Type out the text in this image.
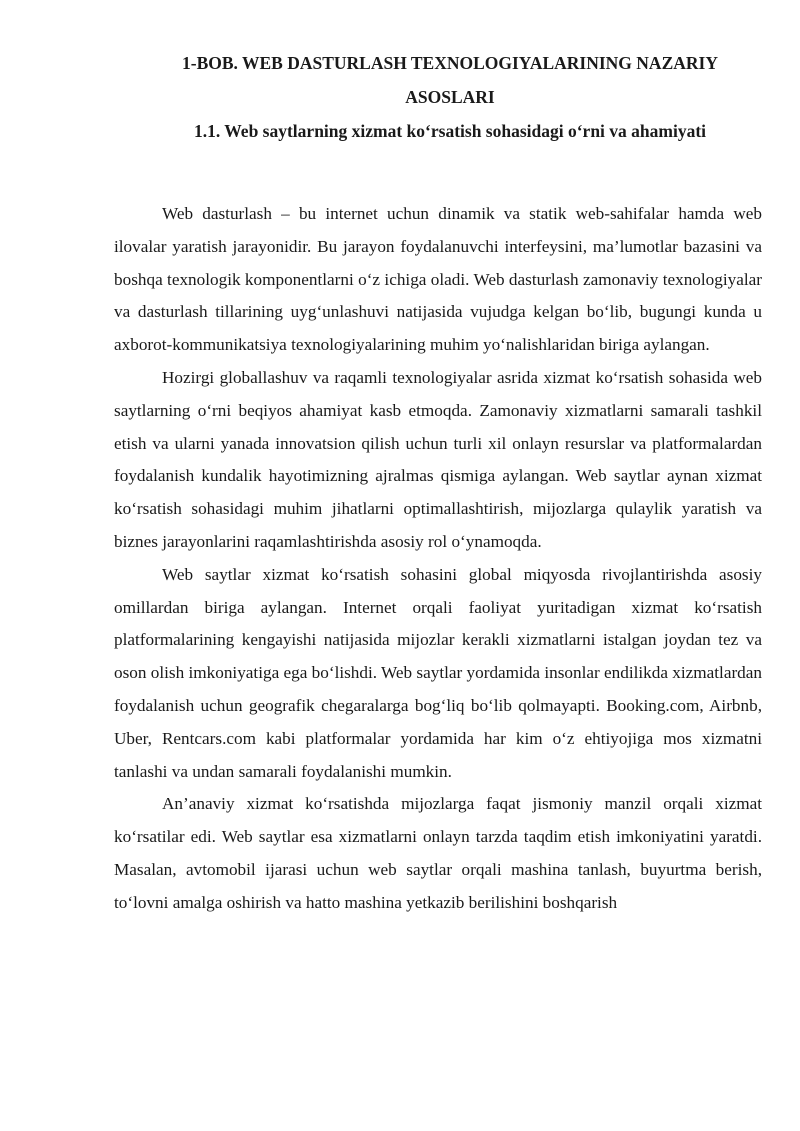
1-BOB. WEB DASTURLASH TEXNOLOGIYALARINING NAZARIY ASOSLARI
1.1. Web saytlarning xizmat ko‘rsatish sohasidagi o‘rni va ahamiyati

Web dasturlash – bu internet uchun dinamik va statik web-sahifalar hamda web ilovalar yaratish jarayonidir. Bu jarayon foydalanuvchi interfeysini, ma’lumotlar bazasini va boshqa texnologik komponentlarni o‘z ichiga oladi. Web dasturlash zamonaviy texnologiyalar va dasturlash tillarining uyg‘unlashuvi natijasida vujudga kelgan bo‘lib, bugungi kunda u axborot-kommunikatsiya texnologiyalarining muhim yo‘nalishlaridan biriga aylangan.

Hozirgi globallashuv va raqamli texnologiyalar asrida xizmat ko‘rsatish sohasida web saytlarning o‘rni beqiyos ahamiyat kasb etmoqda. Zamonaviy xizmatlarni samarali tashkil etish va ularni yanada innovatsion qilish uchun turli xil onlayn resurslar va platformalardan foydalanish kundalik hayotimizning ajralmas qismiga aylangan. Web saytlar aynan xizmat ko‘rsatish sohasidagi muhim jihatlarni optimallashtirish, mijozlarga qulaylik yaratish va biznes jarayonlarini raqamlashtirishda asosiy rol o‘ynamoqda.

Web saytlar xizmat ko‘rsatish sohasini global miqyosda rivojlantirishda asosiy omillardan biriga aylangan. Internet orqali faoliyat yuritadigan xizmat ko‘rsatish platformalarining kengayishi natijasida mijozlar kerakli xizmatlarni istalgan joydan tez va oson olish imkoniyatiga ega bo‘lishdi. Web saytlar yordamida insonlar endilikda xizmatlardan foydalanish uchun geografik chegaralarga bog‘liq bo‘lib qolmayapti. Booking.com, Airbnb, Uber, Rentcars.com kabi platformalar yordamida har kim o‘z ehtiyojiga mos xizmatni tanlashi va undan samarali foydalanishi mumkin.

An’anaviy xizmat ko‘rsatishda mijozlarga faqat jismoniy manzil orqali xizmat ko‘rsatilar edi. Web saytlar esa xizmatlarni onlayn tarzda taqdim etish imkoniyatini yaratdi. Masalan, avtomobil ijarasi uchun web saytlar orqali mashina tanlash, buyurtma berish, to‘lovni amalga oshirish va hatto mashina yetkazib berilishini boshqarish
